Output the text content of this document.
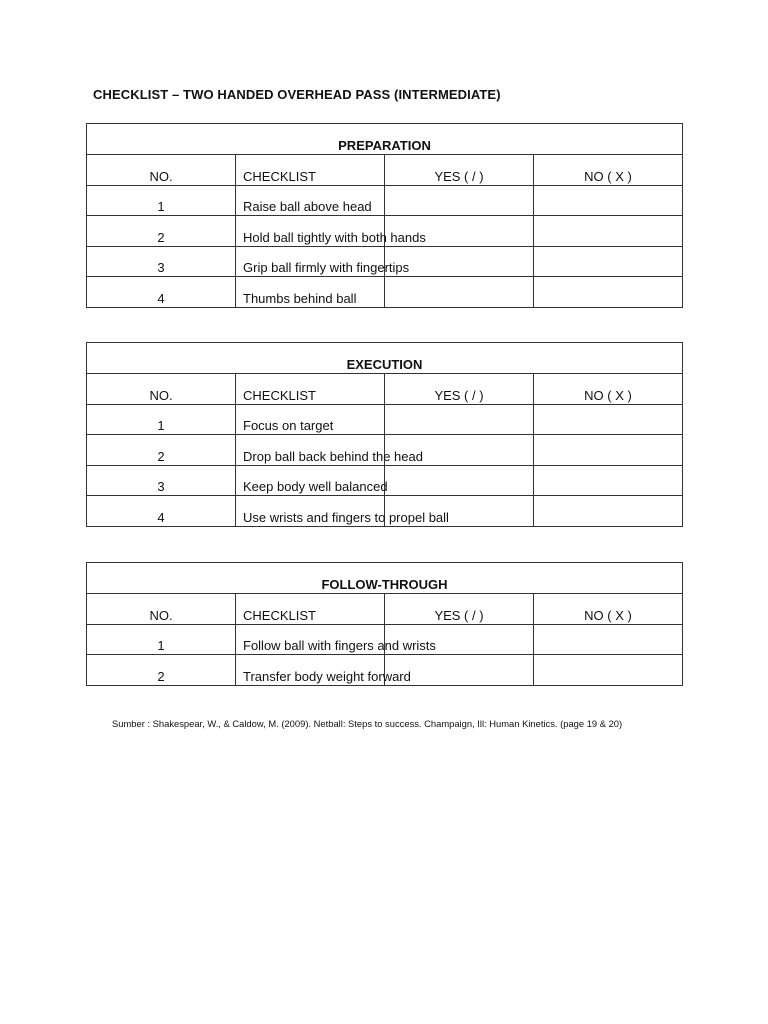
CHECKLIST – TWO HANDED OVERHEAD PASS (INTERMEDIATE)
PREPARATION			
NO.	CHECKLIST	YES ( / )	NO ( X )
1	Raise ball above head		
2	Hold ball tightly with both hands		
3	Grip ball firmly with fingertips		
4	Thumbs behind ball		
EXECUTION			
NO.	CHECKLIST	YES ( / )	NO ( X )
1	Focus on target		
2	Drop ball back behind the head		
3	Keep body well balanced		
4	Use wrists and fingers to propel ball		
FOLLOW-THROUGH			
NO.	CHECKLIST	YES ( / )	NO ( X )
1	Follow ball with fingers and wrists		
2	Transfer body weight forward		
Sumber : Shakespear, W., & Caldow, M. (2009). Netball: Steps to success. Champaign, Ill: Human Kinetics. (page 19 & 20)
